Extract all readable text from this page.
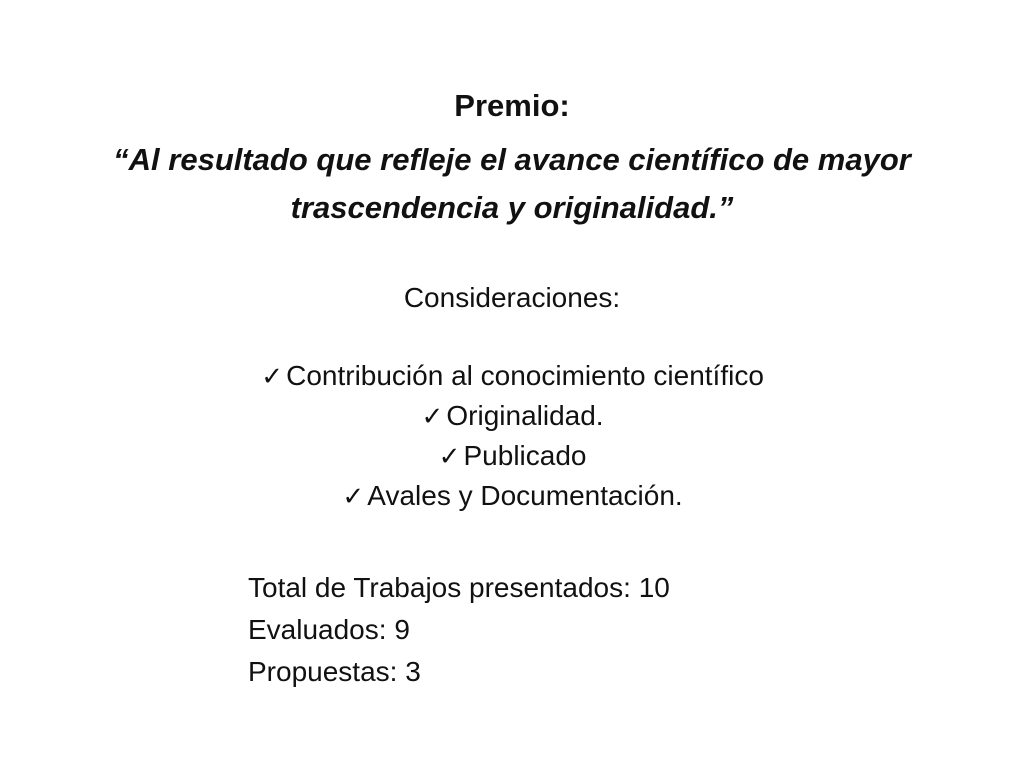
Premio:
“Al resultado que refleje el avance científico de mayor trascendencia y originalidad.”
Consideraciones:
✓ Contribución al conocimiento científico
✓ Originalidad.
✓ Publicado
✓ Avales y Documentación.
Total de Trabajos presentados: 10
Evaluados: 9
Propuestas: 3
